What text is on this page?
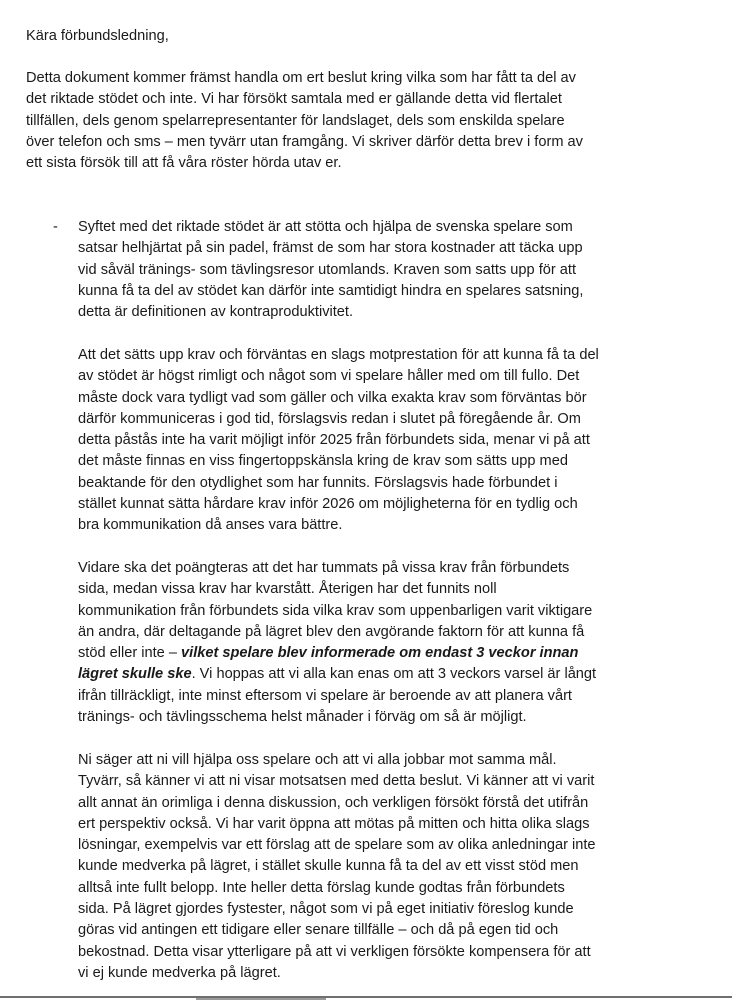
Kära förbundsledning,

Detta dokument kommer främst handla om ert beslut kring vilka som har fått ta del av
det riktade stödet och inte. Vi har försökt samtala med er gällande detta vid flertalet
tillfällen, dels genom spelarrepresentanter för landslaget, dels som enskilda spelare
över telefon och sms – men tyvärr utan framgång. Vi skriver därför detta brev i form av
ett sista försök till att få våra röster hörda utav er.

- Syftet med det riktade stödet är att stötta och hjälpa de svenska spelare som
satsar helhjärtat på sin padel, främst de som har stora kostnader att täcka upp
vid såväl tränings- som tävlingsresor utomlands. Kraven som satts upp för att
kunna få ta del av stödet kan därför inte samtidigt hindra en spelares satsning,
detta är definitionen av kontraproduktivitet.

Att det sätts upp krav och förväntas en slags motprestation för att kunna få ta del
av stödet är högst rimligt och något som vi spelare håller med om till fullo. Det
måste dock vara tydligt vad som gäller och vilka exakta krav som förväntas bör
därför kommuniceras i god tid, förslagsvis redan i slutet på föregående år. Om
detta påstås inte ha varit möjligt inför 2025 från förbundets sida, menar vi på att
det måste finnas en viss fingertoppskänsla kring de krav som sätts upp med
beaktande för den otydlighet som har funnits. Förslagsvis hade förbundet i
stället kunnat sätta hårdare krav inför 2026 om möjligheterna för en tydlig och
bra kommunikation då anses vara bättre.

Vidare ska det poängteras att det har tummats på vissa krav från förbundets
sida, medan vissa krav har kvarstått. Återigen har det funnits noll
kommunikation från förbundets sida vilka krav som uppenbarligen varit viktigare
än andra, där deltagande på lägret blev den avgörande faktorn för att kunna få
stöd eller inte – vilket spelare blev informerade om endast 3 veckor innan
lägret skulle ske. Vi hoppas att vi alla kan enas om att 3 veckors varsel är långt
ifrån tillräckligt, inte minst eftersom vi spelare är beroende av att planera vårt
tränings- och tävlingsschema helst månader i förväg om så är möjligt.

Ni säger att ni vill hjälpa oss spelare och att vi alla jobbar mot samma mål.
Tyvärr, så känner vi att ni visar motsatsen med detta beslut. Vi känner att vi varit
allt annat än orimliga i denna diskussion, och verkligen försökt förstå det utifrån
ert perspektiv också. Vi har varit öppna att mötas på mitten och hitta olika slags
lösningar, exempelvis var ett förslag att de spelare som av olika anledningar inte
kunde medverka på lägret, i stället skulle kunna få ta del av ett visst stöd men
alltså inte fullt belopp. Inte heller detta förslag kunde godtas från förbundets
sida. På lägret gjordes fystester, något som vi på eget initiativ föreslog kunde
göras vid antingen ett tidigare eller senare tillfälle – och då på egen tid och
bekostnad. Detta visar ytterligare på att vi verkligen försökte kompensera för att
vi ej kunde medverka på lägret.
